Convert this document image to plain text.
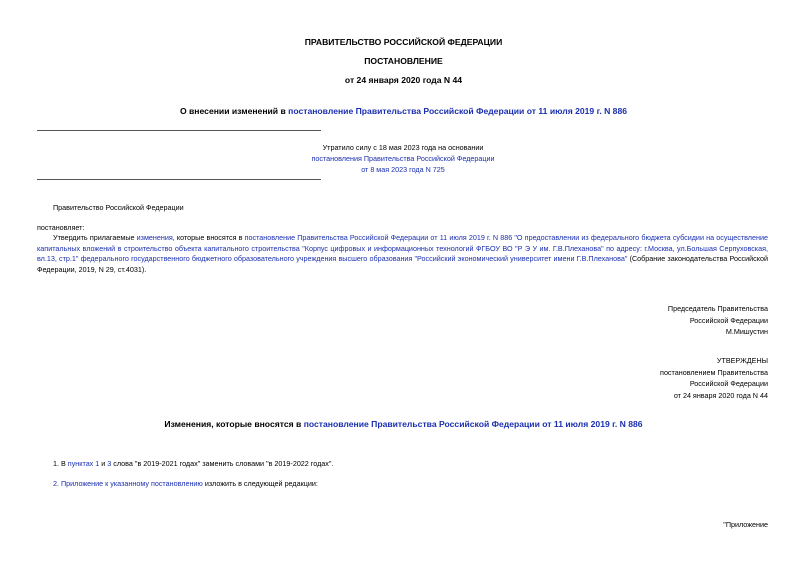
ПРАВИТЕЛЬСТВО РОССИЙСКОЙ ФЕДЕРАЦИИ
ПОСТАНОВЛЕНИЕ
от 24 января 2020 года N 44
О внесении изменений в постановление Правительства Российской Федерации от 11 июля 2019 г. N 886
Утратило силу с 18 мая 2023 года на основании
постановления Правительства Российской Федерации
от 8 мая 2023 года N 725
Правительство Российской Федерации
постановляет:
Утвердить прилагаемые изменения, которые вносятся в постановление Правительства Российской Федерации от 11 июля 2019 г. N 886 "О предоставлении из федерального бюджета субсидии на осуществление капитальных вложений в строительство объекта капитального строительства "Корпус цифровых и информационных технологий ФГБОУ ВО "Р Э У им. Г.В.Плеханова" по адресу: г.Москва, ул.Большая Серпуховская, вл.13, стр.1" федерального государственного бюджетного образовательного учреждения высшего образования "Российский экономический университет имени Г.В.Плеханова" (Собрание законодательства Российской Федерации, 2019, N 29, ст.4031).
Председатель Правительства
Российской Федерации
М.Мишустин
УТВЕРЖДЕНЫ
постановлением Правительства
Российской Федерации
от 24 января 2020 года N 44
Изменения, которые вносятся в постановление Правительства Российской Федерации от 11 июля 2019 г. N 886
1. В пунктах 1 и 3 слова "в 2019-2021 годах" заменить словами "в 2019-2022 годах".
2. Приложение к указанному постановлению изложить в следующей редакции:
"Приложение
